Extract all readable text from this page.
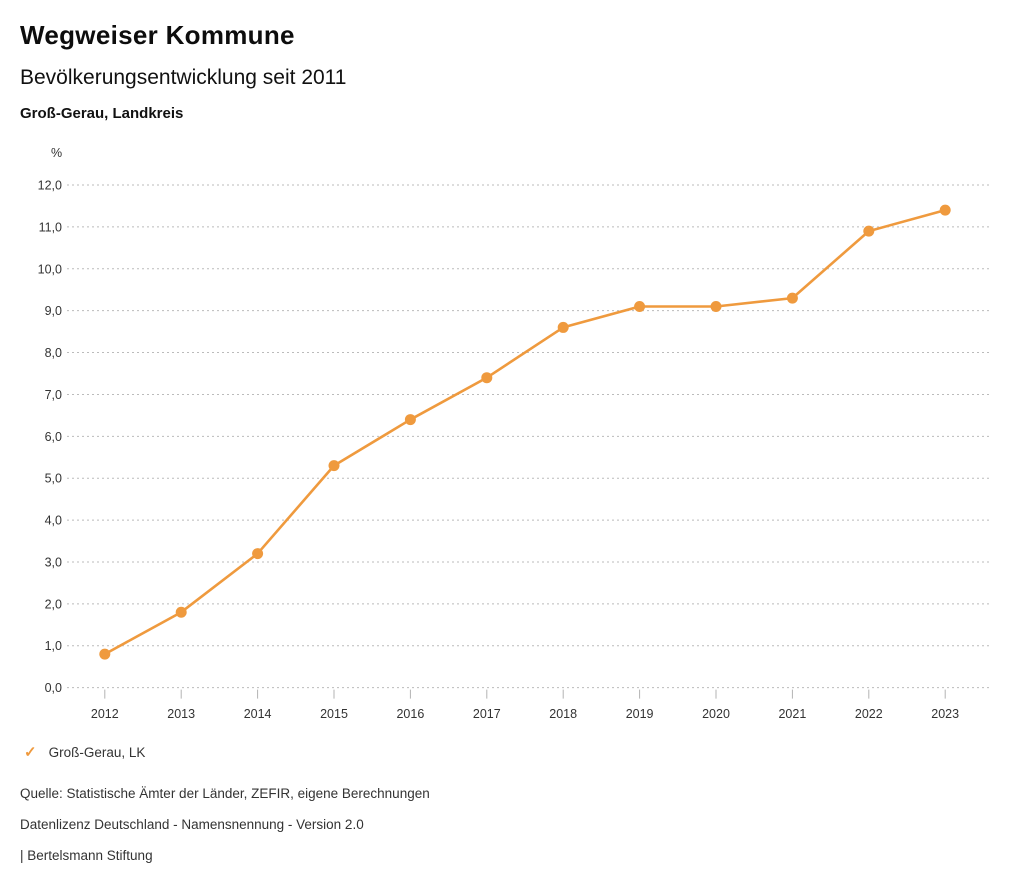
Wegweiser Kommune
Bevölkerungsentwicklung seit 2011
Groß-Gerau, Landkreis
%
0,0
1,0
2,0
3,0
4,0
5,0
6,0
7,0
8,0
9,0
10,0
11,0
12,0
2012	2013	2014	2015	2016	2017	2018	2019	2020	2021	2022	2023
✓ Groß-Gerau, LK
Quelle: Statistische Ämter der Länder, ZEFIR, eigene Berechnungen
Datenlizenz Deutschland - Namensnennung - Version 2.0
| Bertelsmann Stiftung
